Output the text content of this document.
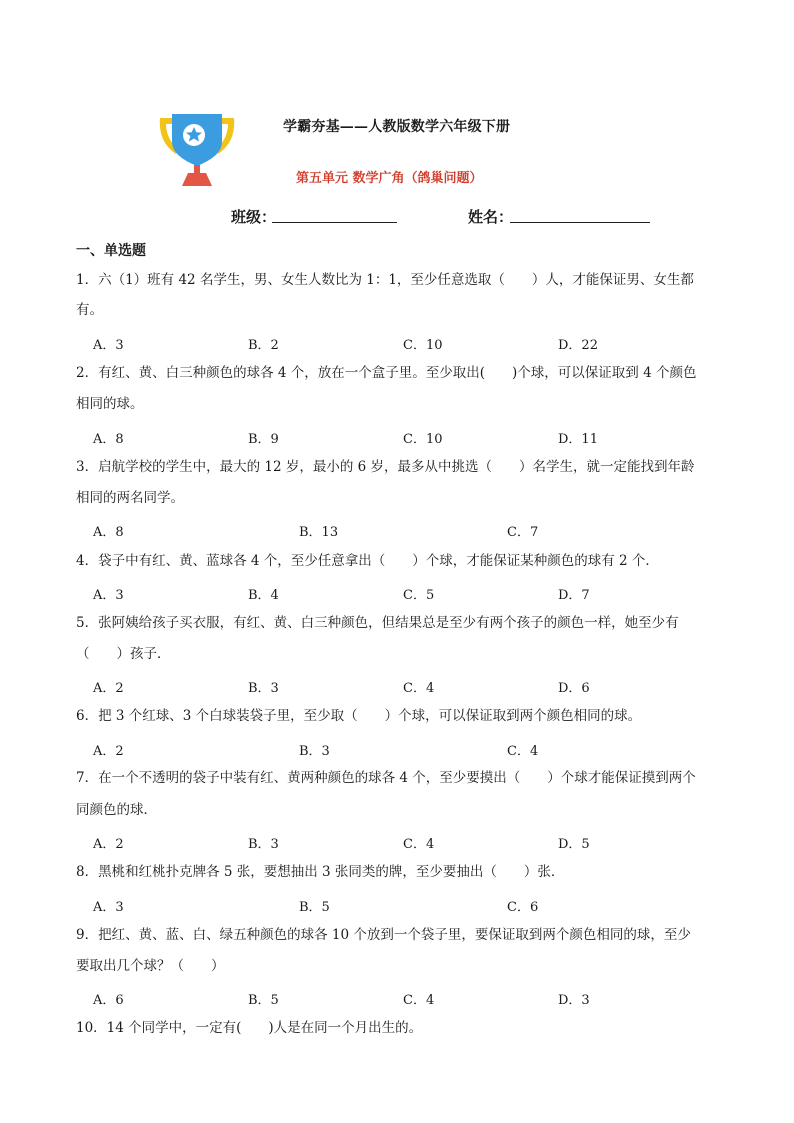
学霸夯基——人教版数学六年级下册
第五单元 数学广角（鸽巢问题）
班级：	姓名：
一、单选题
1．六（1）班有 42 名学生，男、女生人数比为 1：1，至少任意选取（　　）人，才能保证男、女生都
有。
A．3	B．2	C．10	D．22
2．有红、黄、白三种颜色的球各 4 个，放在一个盒子里。至少取出(　　)个球，可以保证取到 4 个颜色
相同的球。
A．8	B．9	C．10	D．11
3．启航学校的学生中，最大的 12 岁，最小的 6 岁，最多从中挑选（　　）名学生，就一定能找到年龄
相同的两名同学。
A．8	B．13	C．7
4．袋子中有红、黄、蓝球各 4 个，至少任意拿出（　　）个球，才能保证某种颜色的球有 2 个．
A．3	B．4	C．5	D．7
5．张阿姨给孩子买衣服，有红、黄、白三种颜色，但结果总是至少有两个孩子的颜色一样，她至少有
（　　）孩子．
A．2	B．3	C．4	D．6
6．把 3 个红球、3 个白球装袋子里，至少取（　　）个球，可以保证取到两个颜色相同的球。
A．2	B．3	C．4
7．在一个不透明的袋子中装有红、黄两种颜色的球各 4 个，至少要摸出（　　）个球才能保证摸到两个
同颜色的球．
A．2	B．3	C．4	D．5
8．黑桃和红桃扑克牌各 5 张，要想抽出 3 张同类的牌，至少要抽出（　　）张．
A．3	B．5	C．6
9．把红、黄、蓝、白、绿五种颜色的球各 10 个放到一个袋子里，要保证取到两个颜色相同的球，至少
要取出几个球？（　　）
A．6	B．5	C．4	D．3
10．14 个同学中，一定有(　　)人是在同一个月出生的。
